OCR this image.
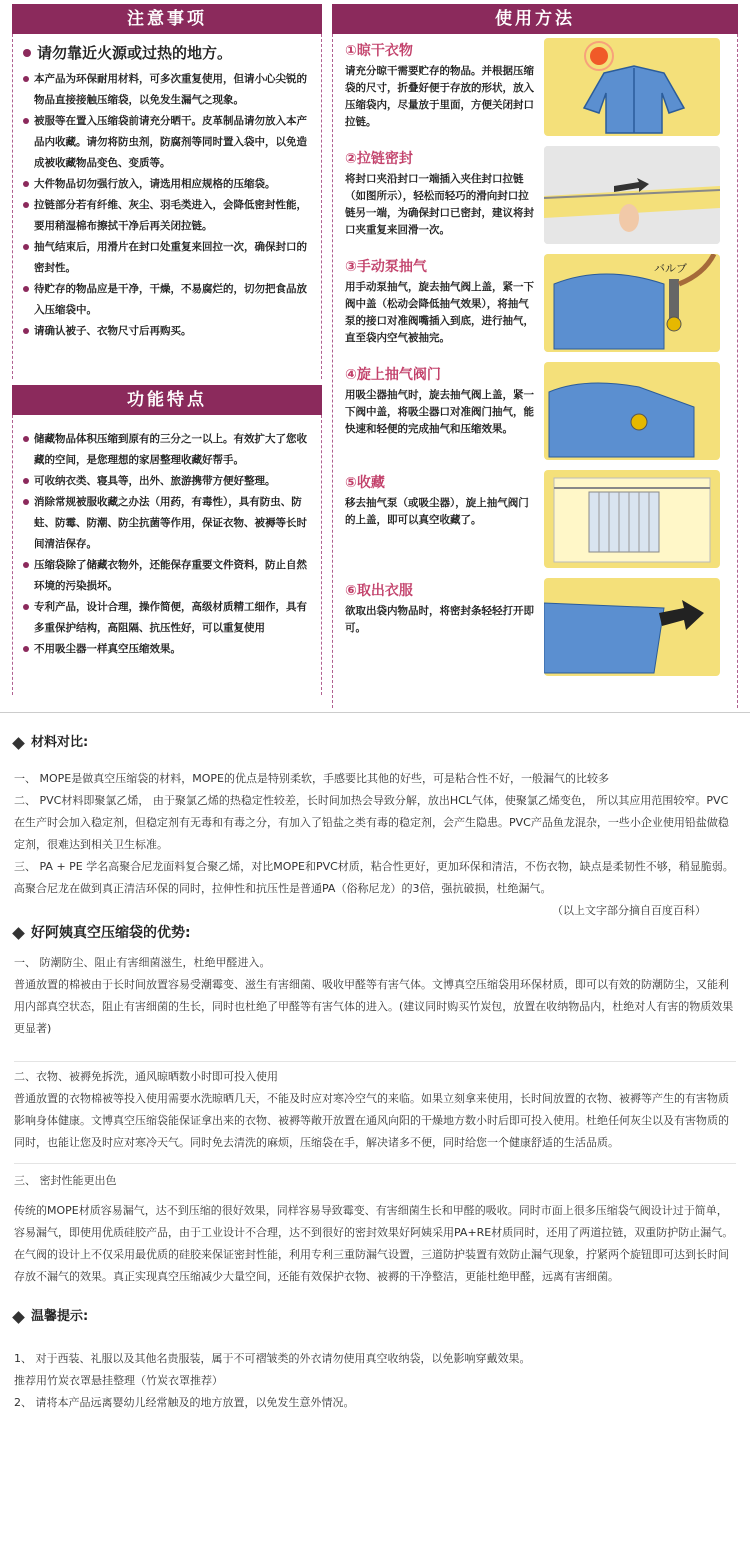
注意事项
请勿靠近火源或过热的地方。
本产品为环保耐用材料，可多次重复使用，但请小心尖锐的物品直接接触压缩袋，以免发生漏气之现象。
被服等在置入压缩袋前请充分晒干。皮革制品请勿放入本产品内收藏。请勿将防虫剂，防腐剂等同时置入袋中，以免造成被收藏物品变色、变质等。
大件物品切勿强行放入，请选用相应规格的压缩袋。
拉链部分若有纤维、灰尘、羽毛类进入，会降低密封性能，要用稍湿棉布擦拭干净后再关闭拉链。
抽气结束后，用滑片在封口处重复来回拉一次，确保封口的密封性。
待贮存的物品应是干净，干燥，不易腐烂的，切勿把食品放入压缩袋中。
请确认被子、衣物尺寸后再购买。
功能特点
储藏物品体积压缩到原有的三分之一以上。有效扩大了您收藏的空间，是您理想的家居整理收藏好帮手。
可收纳衣类、寝具等，出外、旅游携带方便好整理。
消除常规被服收藏之办法（用药，有毒性），具有防虫、防蛀、防霉、防潮、防尘抗菌等作用，保证衣物、被褥等长时间清洁保存。
压缩袋除了储藏衣物外，还能保存重要文件资料，防止自然环境的污染损坏。
专利产品，设计合理，操作简便，高级材质精工细作，具有多重保护结构，高阻隔、抗压性好，可以重复使用
不用吸尘器一样真空压缩效果。
使用方法
①晾干衣物
请充分晾干需要贮存的物品。并根据压缩袋的尺寸，折叠好便于存放的形状，放入压缩袋内，尽量放于里面，方便关闭封口拉链。
②拉链密封
将封口夹沿封口一端插入夹住封口拉链（如图所示），轻松而轻巧的滑向封口拉链另一端，为确保封口已密封，建议将封口夹重复来回滑一次。
③手动泵抽气
用手动泵抽气，旋去抽气阀上盖，紧一下阀中盖（松动会降低抽气效果），将抽气泵的接口对准阀嘴插入到底，进行抽气，直至袋内空气被抽完。
バルブ
④旋上抽气阀门
用吸尘器抽气时，旋去抽气阀上盖，紧一下阀中盖，将吸尘器口对准阀门抽气，能快速和轻便的完成抽气和压缩效果。
⑤收藏
移去抽气泵（或吸尘器），旋上抽气阀门的上盖，即可以真空收藏了。
⑥取出衣服
欲取出袋内物品时，将密封条轻轻打开即可。
材料对比:

一、 MOPE是做真空压缩袋的材料，MOPE的优点是特别柔软，手感要比其他的好些，可是粘合性不好，一般漏气的比较多

二、 PVC材料即聚氯乙烯， 由于聚氯乙烯的热稳定性较差，长时间加热会导致分解，放出HCL气体，使聚氯乙烯变色， 所以其应用范围较窄。PVC在生产时会加入稳定剂，但稳定剂有无毒和有毒之分，有加入了铅盐之类有毒的稳定剂，会产生隐患。PVC产品鱼龙混杂，一些小企业使用铅盐做稳定剂，很难达到相关卫生标准。

三、 PA + PE 学名高聚合尼龙面料复合聚乙烯，对比MOPE和PVC材质，粘合性更好，更加环保和清洁，不伤衣物，缺点是柔韧性不够，稍显脆弱。高聚合尼龙在做到真正清洁环保的同时，拉伸性和抗压性是普通PA（俗称尼龙）的3倍，强抗破损，杜绝漏气。

（以上文字部分摘自百度百科）

好阿姨真空压缩袋的优势:

一、 防潮防尘、阻止有害细菌滋生，杜绝甲醛进入。

普通放置的棉被由于长时间放置容易受潮霉变、滋生有害细菌、吸收甲醛等有害气体。文博真空压缩袋用环保材质，即可以有效的防潮防尘，又能利用内部真空状态，阻止有害细菌的生长，同时也杜绝了甲醛等有害气体的进入。(建议同时购买竹炭包，放置在收纳物品内，杜绝对人有害的物质效果更显著)

二、衣物、被褥免拆洗，通风晾晒数小时即可投入使用

普通放置的衣物棉被等投入使用需要水洗晾晒几天，不能及时应对寒冷空气的来临。如果立刻拿来使用，长时间放置的衣物、被褥等产生的有害物质影响身体健康。文博真空压缩袋能保证拿出来的衣物、被褥等敞开放置在通风向阳的干燥地方数小时后即可投入使用。杜绝任何灰尘以及有害物质的同时，也能让您及时应对寒冷天气。同时免去清洗的麻烦，压缩袋在手，解决诸多不便，同时给您一个健康舒适的生活品质。

三、 密封性能更出色

传统的MOPE材质容易漏气，达不到压缩的很好效果，同样容易导致霉变、有害细菌生长和甲醛的吸收。同时市面上很多压缩袋气阀设计过于简单，容易漏气，即使用优质硅胶产品，由于工业设计不合理，达不到很好的密封效果好阿姨采用PA+RE材质同时，还用了两道拉链，双重防护防止漏气。在气阀的设计上不仅采用最优质的硅胶来保证密封性能，利用专利三重防漏气设置，三道防护装置有效防止漏气现象，拧紧两个旋钮即可达到长时间存放不漏气的效果。真正实现真空压缩减少大量空间，还能有效保护衣物、被褥的干净整洁，更能杜绝甲醛，远离有害细菌。

温馨提示:

1、 对于西装、礼服以及其他名贵服装，属于不可褶皱类的外衣请勿使用真空收纳袋，以免影响穿戴效果。

推荐用竹炭衣罩悬挂整理（竹炭衣罩推荐）

2、 请将本产品远离婴幼儿经常触及的地方放置，以免发生意外情况。
